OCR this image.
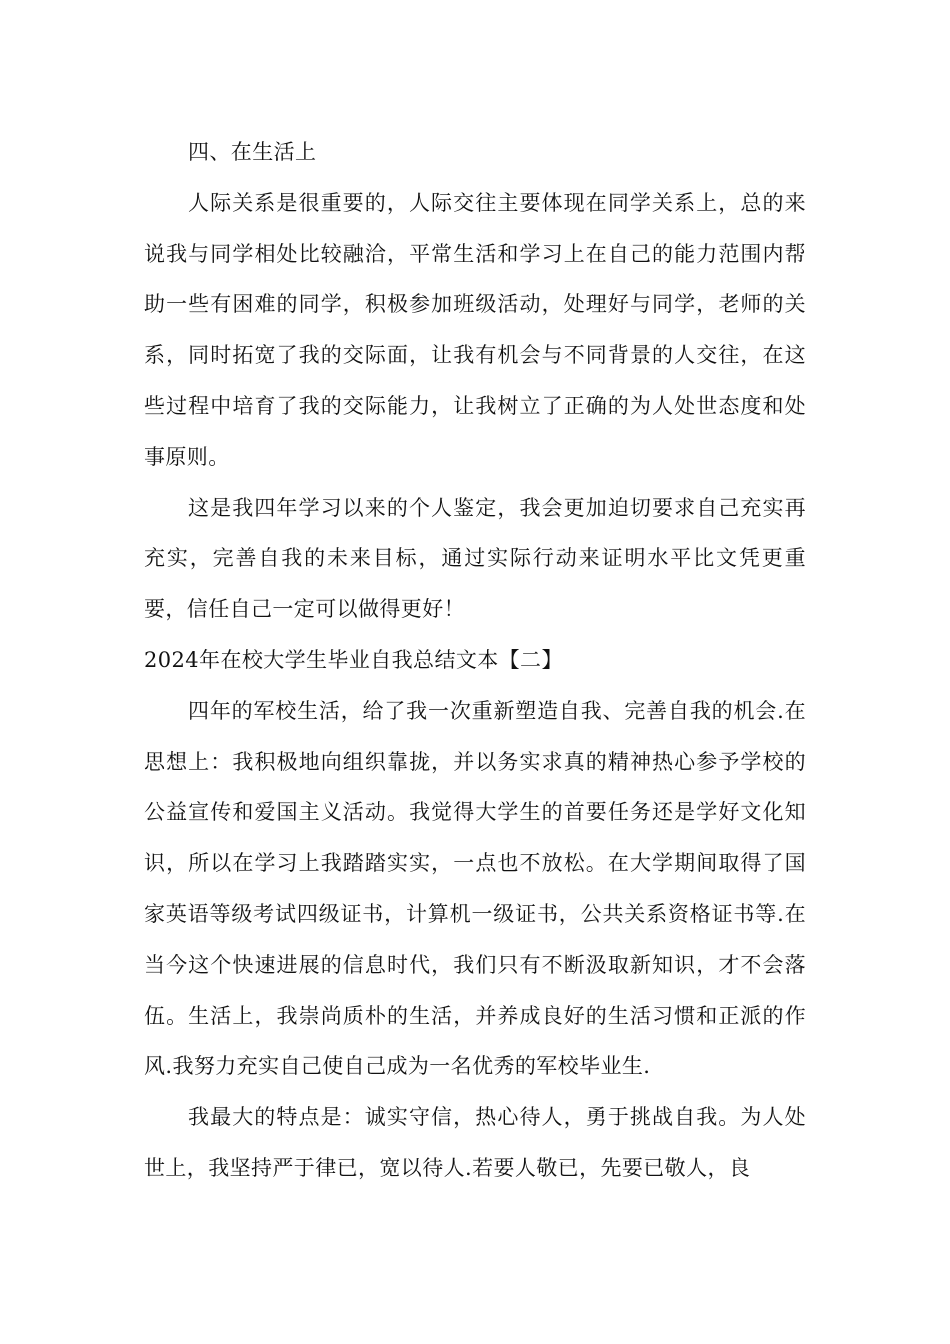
四、在生活上

人际关系是很重要的，人际交往主要体现在同学关系上，总的来说我与同学相处比较融洽，平常生活和学习上在自己的能力范围内帮助一些有困难的同学，积极参加班级活动，处理好与同学，老师的关系，同时拓宽了我的交际面，让我有机会与不同背景的人交往，在这些过程中培育了我的交际能力，让我树立了正确的为人处世态度和处事原则。

这是我四年学习以来的个人鉴定，我会更加迫切要求自己充实再充实，完善自我的未来目标，通过实际行动来证明水平比文凭更重要，信任自己一定可以做得更好！

2024年在校大学生毕业自我总结文本【二】

四年的军校生活，给了我一次重新塑造自我、完善自我的机会.在思想上：我积极地向组织靠拢，并以务实求真的精神热心参予学校的公益宣传和爱国主义活动。我觉得大学生的首要任务还是学好文化知识，所以在学习上我踏踏实实，一点也不放松。在大学期间取得了国家英语等级考试四级证书，计算机一级证书，公共关系资格证书等.在当今这个快速进展的信息时代，我们只有不断汲取新知识，才不会落伍。生活上，我崇尚质朴的生活，并养成良好的生活习惯和正派的作风.我努力充实自己使自己成为一名优秀的军校毕业生.

我最大的特点是：诚实守信，热心待人，勇于挑战自我。为人处世上，我坚持严于律已，宽以待人.若要人敬已，先要已敬人，良
